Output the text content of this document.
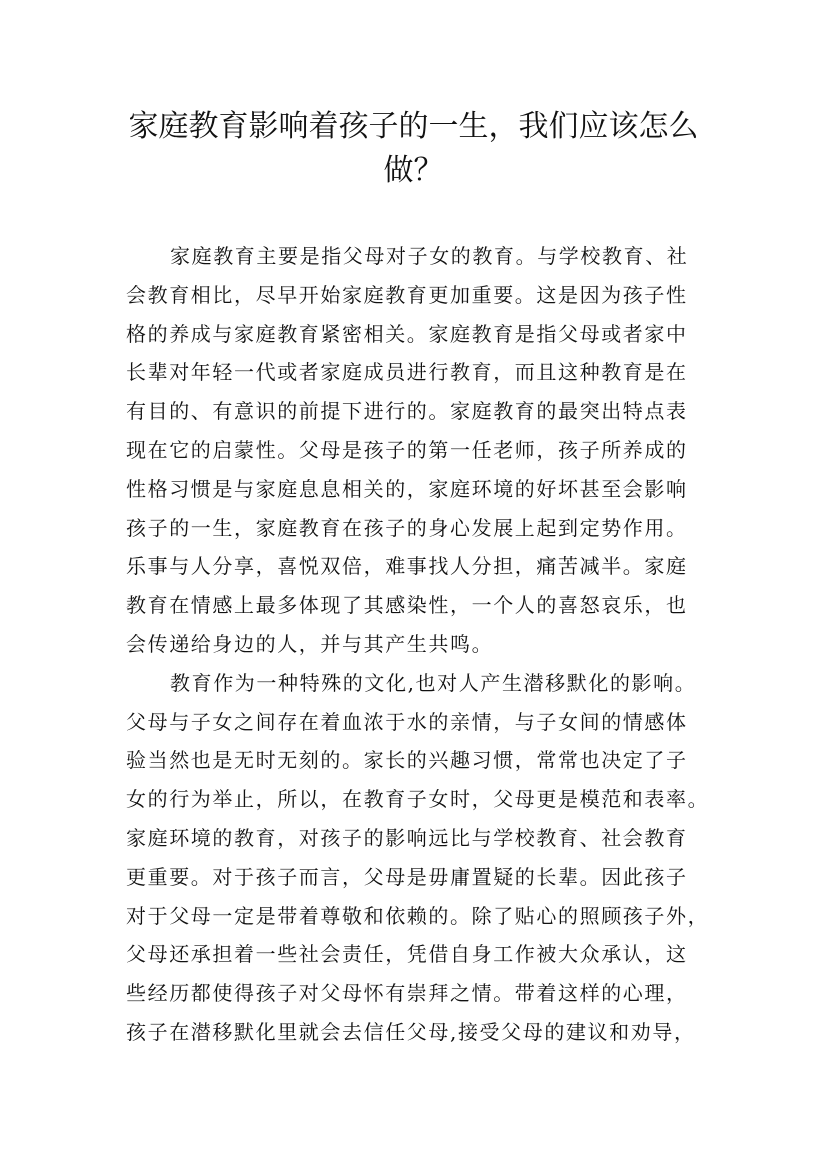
家庭教育影响着孩子的一生，我们应该怎么
做？
家庭教育主要是指父母对子女的教育。与学校教育、社
会教育相比，尽早开始家庭教育更加重要。这是因为孩子性
格的养成与家庭教育紧密相关。家庭教育是指父母或者家中
长辈对年轻一代或者家庭成员进行教育，而且这种教育是在
有目的、有意识的前提下进行的。家庭教育的最突出特点表
现在它的启蒙性。父母是孩子的第一任老师，孩子所养成的
性格习惯是与家庭息息相关的，家庭环境的好坏甚至会影响
孩子的一生，家庭教育在孩子的身心发展上起到定势作用。
乐事与人分享，喜悦双倍，难事找人分担，痛苦减半。家庭
教育在情感上最多体现了其感染性，一个人的喜怒哀乐，也
会传递给身边的人，并与其产生共鸣。
教育作为一种特殊的文化,也对人产生潜移默化的影响。
父母与子女之间存在着血浓于水的亲情，与子女间的情感体
验当然也是无时无刻的。家长的兴趣习惯，常常也决定了子
女的行为举止，所以，在教育子女时，父母更是模范和表率。
家庭环境的教育，对孩子的影响远比与学校教育、社会教育
更重要。对于孩子而言，父母是毋庸置疑的长辈。因此孩子
对于父母一定是带着尊敬和依赖的。除了贴心的照顾孩子外，
父母还承担着一些社会责任，凭借自身工作被大众承认，这
些经历都使得孩子对父母怀有崇拜之情。带着这样的心理，
孩子在潜移默化里就会去信任父母,接受父母的建议和劝导，
